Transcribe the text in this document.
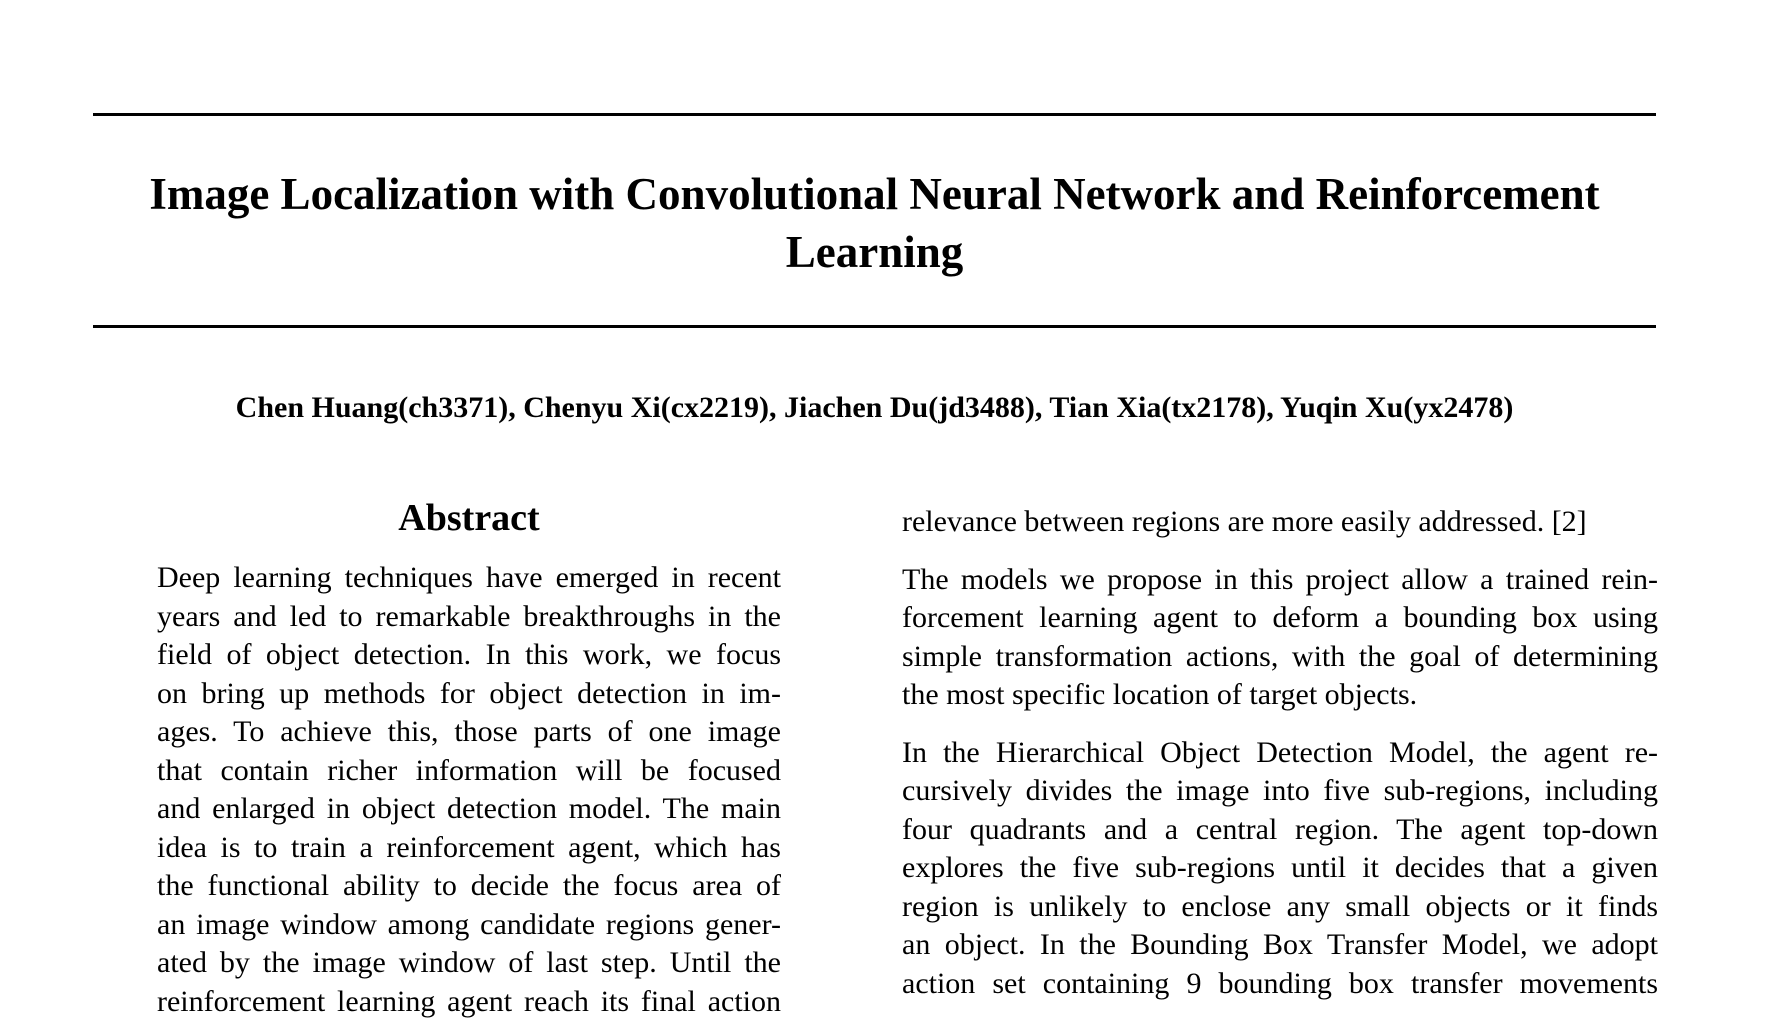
Image Localization with Convolutional Neural Network and Reinforcement
Learning

Chen Huang(ch3371), Chenyu Xi(cx2219), Jiachen Du(jd3488), Tian Xia(tx2178), Yuqin Xu(yx2478)

Abstract
Deep learning techniques have emerged in recent
years and led to remarkable breakthroughs in the
field of object detection. In this work, we focus
on bring up methods for object detection in im-
ages. To achieve this, those parts of one image
that contain richer information will be focused
and enlarged in object detection model. The main
idea is to train a reinforcement agent, which has
the functional ability to decide the focus area of
an image window among candidate regions gener-
ated by the image window of last step. Until the
reinforcement learning agent reach its final action
relevance between regions are more easily addressed. [2]
The models we propose in this project allow a trained rein-
forcement learning agent to deform a bounding box using
simple transformation actions, with the goal of determining
the most specific location of target objects.
In the Hierarchical Object Detection Model, the agent re-
cursively divides the image into five sub-regions, including
four quadrants and a central region. The agent top-down
explores the five sub-regions until it decides that a given
region is unlikely to enclose any small objects or it finds
an object. In the Bounding Box Transfer Model, we adopt
action set containing 9 bounding box transfer movements
